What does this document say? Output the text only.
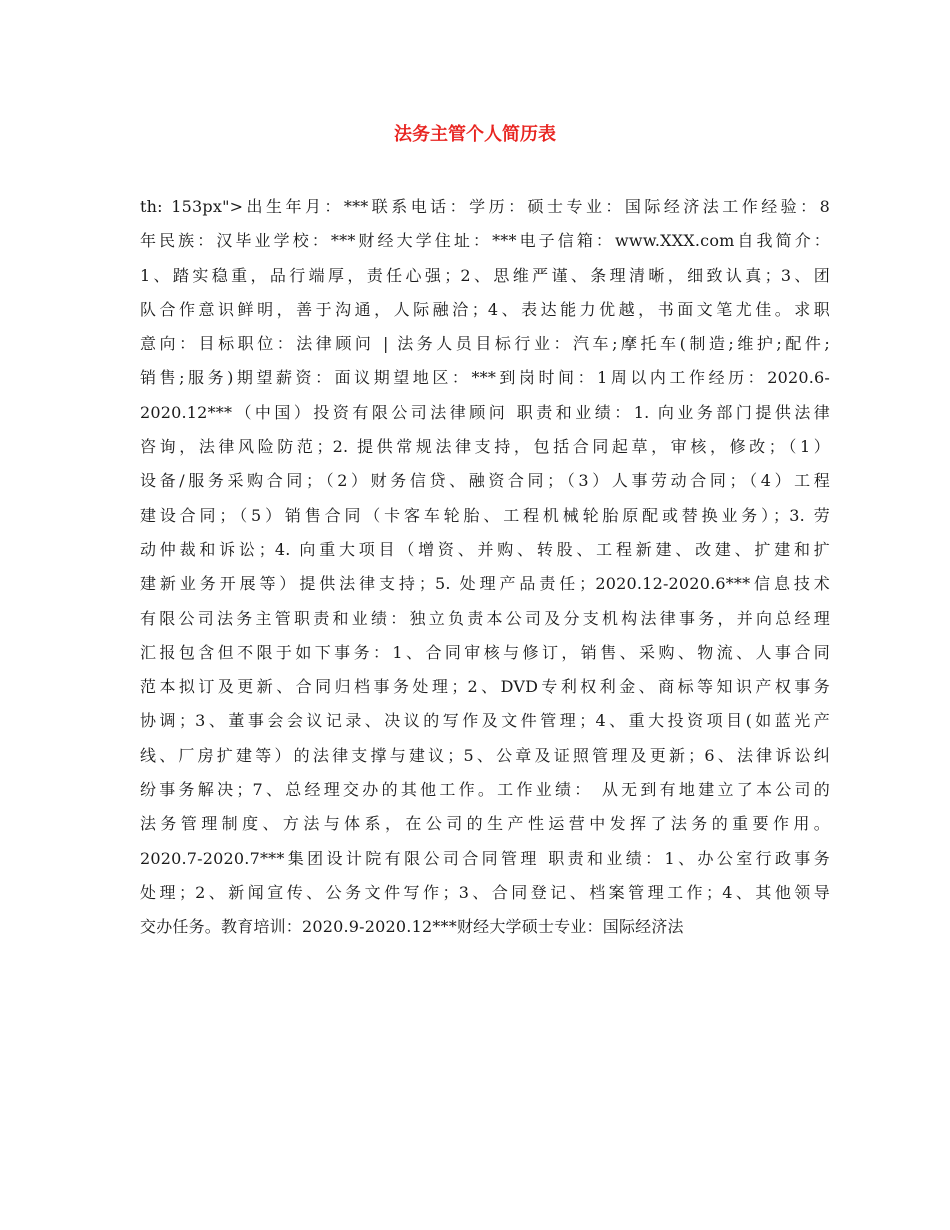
法务主管个人简历表
th: 153px">出生年月：***联系电话：学历：硕士专业：国际经济法工作经验：8
年民族：汉毕业学校：***财经大学住址：***电子信箱：www.XXX.com自我简介：
1、踏实稳重，品行端厚，责任心强；2、思维严谨、条理清晰，细致认真；3、团
队合作意识鲜明，善于沟通，人际融洽；4、表达能力优越，书面文笔尤佳。求职
意向：目标职位：法律顾问 | 法务人员目标行业：汽车;摩托车(制造;维护;配件;
销售;服务)期望薪资：面议期望地区：***到岗时间：1周以内工作经历：2020.6-
2020.12***（中国）投资有限公司法律顾问 职责和业绩：1. 向业务部门提供法律
咨询，法律风险防范；2. 提供常规法律支持，包括合同起草，审核，修改；（1）
设备/服务采购合同；（2）财务信贷、融资合同；（3）人事劳动合同；（4）工程
建设合同；（5）销售合同（卡客车轮胎、工程机械轮胎原配或替换业务）；3. 劳
动仲裁和诉讼；4. 向重大项目（增资、并购、转股、工程新建、改建、扩建和扩
建新业务开展等）提供法律支持；5. 处理产品责任；2020.12-2020.6***信息技术
有限公司法务主管职责和业绩：独立负责本公司及分支机构法律事务，并向总经理
汇报包含但不限于如下事务：1、合同审核与修订，销售、采购、物流、人事合同
范本拟订及更新、合同归档事务处理；2、DVD专利权利金、商标等知识产权事务
协调；3、董事会会议记录、决议的写作及文件管理；4、重大投资项目(如蓝光产
线、厂房扩建等）的法律支撑与建议；5、公章及证照管理及更新；6、法律诉讼纠
纷事务解决；7、总经理交办的其他工作。工作业绩： 从无到有地建立了本公司的
法务管理制度、方法与体系，在公司的生产性运营中发挥了法务的重要作用。
2020.7-2020.7***集团设计院有限公司合同管理 职责和业绩：1、办公室行政事务
处理；2、新闻宣传、公务文件写作；3、合同登记、档案管理工作；4、其他领导
交办任务。教育培训：2020.9-2020.12***财经大学硕士专业：国际经济法
